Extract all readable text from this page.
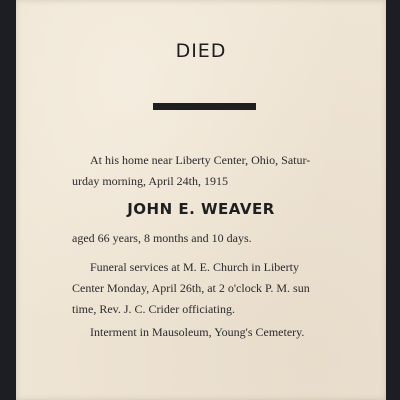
DIED
At his home near Liberty Center, Ohio, Satur-
urday morning, April 24th, 1915
JOHN E. WEAVER
aged 66 years, 8 months and 10 days.
Funeral services at M. E. Church in Liberty
Center Monday, April 26th, at 2 o'clock P. M. sun
time, Rev. J. C. Crider officiating.
Interment in Mausoleum, Young's Cemetery.
